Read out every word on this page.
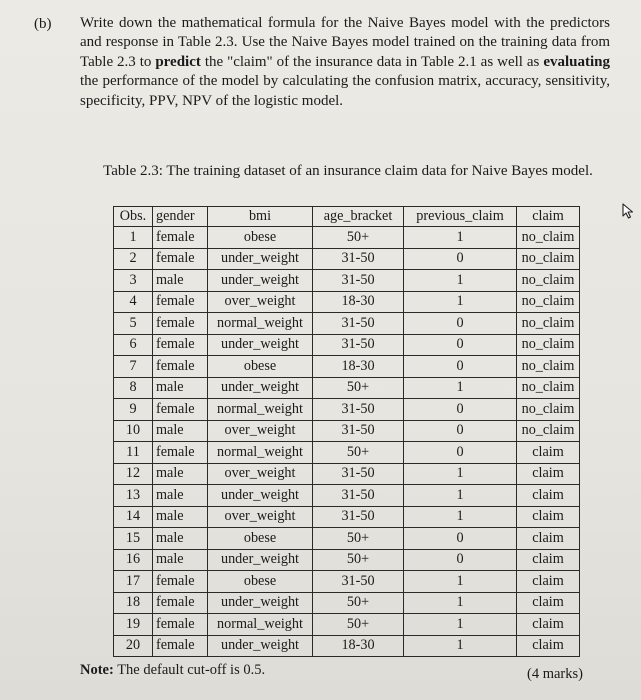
(b) Write down the mathematical formula for the Naive Bayes model with the predictors and response in Table 2.3. Use the Naive Bayes model trained on the training data from Table 2.3 to predict the "claim" of the insurance data in Table 2.1 as well as evaluating the performance of the model by calculating the confusion matrix, accuracy, sensitivity, specificity, PPV, NPV of the logistic model.
Table 2.3: The training dataset of an insurance claim data for Naive Bayes model.
Obs.	gender	bmi	age_bracket	previous_claim	claim
1	female	obese	50+	1	no_claim
2	female	under_weight	31-50	0	no_claim
3	male	under_weight	31-50	1	no_claim
4	female	over_weight	18-30	1	no_claim
5	female	normal_weight	31-50	0	no_claim
6	female	under_weight	31-50	0	no_claim
7	female	obese	18-30	0	no_claim
8	male	under_weight	50+	1	no_claim
9	female	normal_weight	31-50	0	no_claim
10	male	over_weight	31-50	0	no_claim
11	female	normal_weight	50+	0	claim
12	male	over_weight	31-50	1	claim
13	male	under_weight	31-50	1	claim
14	male	over_weight	31-50	1	claim
15	male	obese	50+	0	claim
16	male	under_weight	50+	0	claim
17	female	obese	31-50	1	claim
18	female	under_weight	50+	1	claim
19	female	normal_weight	50+	1	claim
20	female	under_weight	18-30	1	claim
Note: The default cut-off is 0.5.	(4 marks)
